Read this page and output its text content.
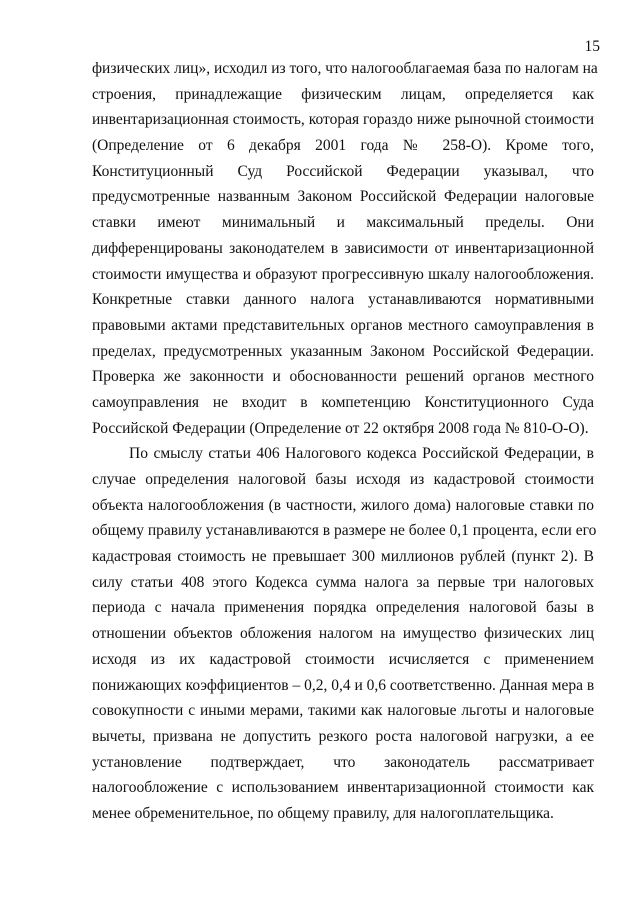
15

физических лиц», исходил из того, что налогооблагаемая база по налогам на
строения, принадлежащие физическим лицам, определяется как
инвентаризационная стоимость, которая гораздо ниже рыночной стоимости
(Определение от 6 декабря 2001 года № 258-О). Кроме того,
Конституционный Суд Российской Федерации указывал, что
предусмотренные названным Законом Российской Федерации налоговые
ставки имеют минимальный и максимальный пределы. Они
дифференцированы законодателем в зависимости от инвентаризационной
стоимости имущества и образуют прогрессивную шкалу налогообложения.
Конкретные ставки данного налога устанавливаются нормативными
правовыми актами представительных органов местного самоуправления в
пределах, предусмотренных указанным Законом Российской Федерации.
Проверка же законности и обоснованности решений органов местного
самоуправления не входит в компетенцию Конституционного Суда
Российской Федерации (Определение от 22 октября 2008 года № 810-О-О).

По смыслу статьи 406 Налогового кодекса Российской Федерации, в
случае определения налоговой базы исходя из кадастровой стоимости
объекта налогообложения (в частности, жилого дома) налоговые ставки по
общему правилу устанавливаются в размере не более 0,1 процента, если его
кадастровая стоимость не превышает 300 миллионов рублей (пункт 2). В
силу статьи 408 этого Кодекса сумма налога за первые три налоговых
периода с начала применения порядка определения налоговой базы в
отношении объектов обложения налогом на имущество физических лиц
исходя из их кадастровой стоимости исчисляется с применением
понижающих коэффициентов – 0,2, 0,4 и 0,6 соответственно. Данная мера в
совокупности с иными мерами, такими как налоговые льготы и налоговые
вычеты, призвана не допустить резкого роста налоговой нагрузки, а ее
установление подтверждает, что законодатель рассматривает
налогообложение с использованием инвентаризационной стоимости как
менее обременительное, по общему правилу, для налогоплательщика.
